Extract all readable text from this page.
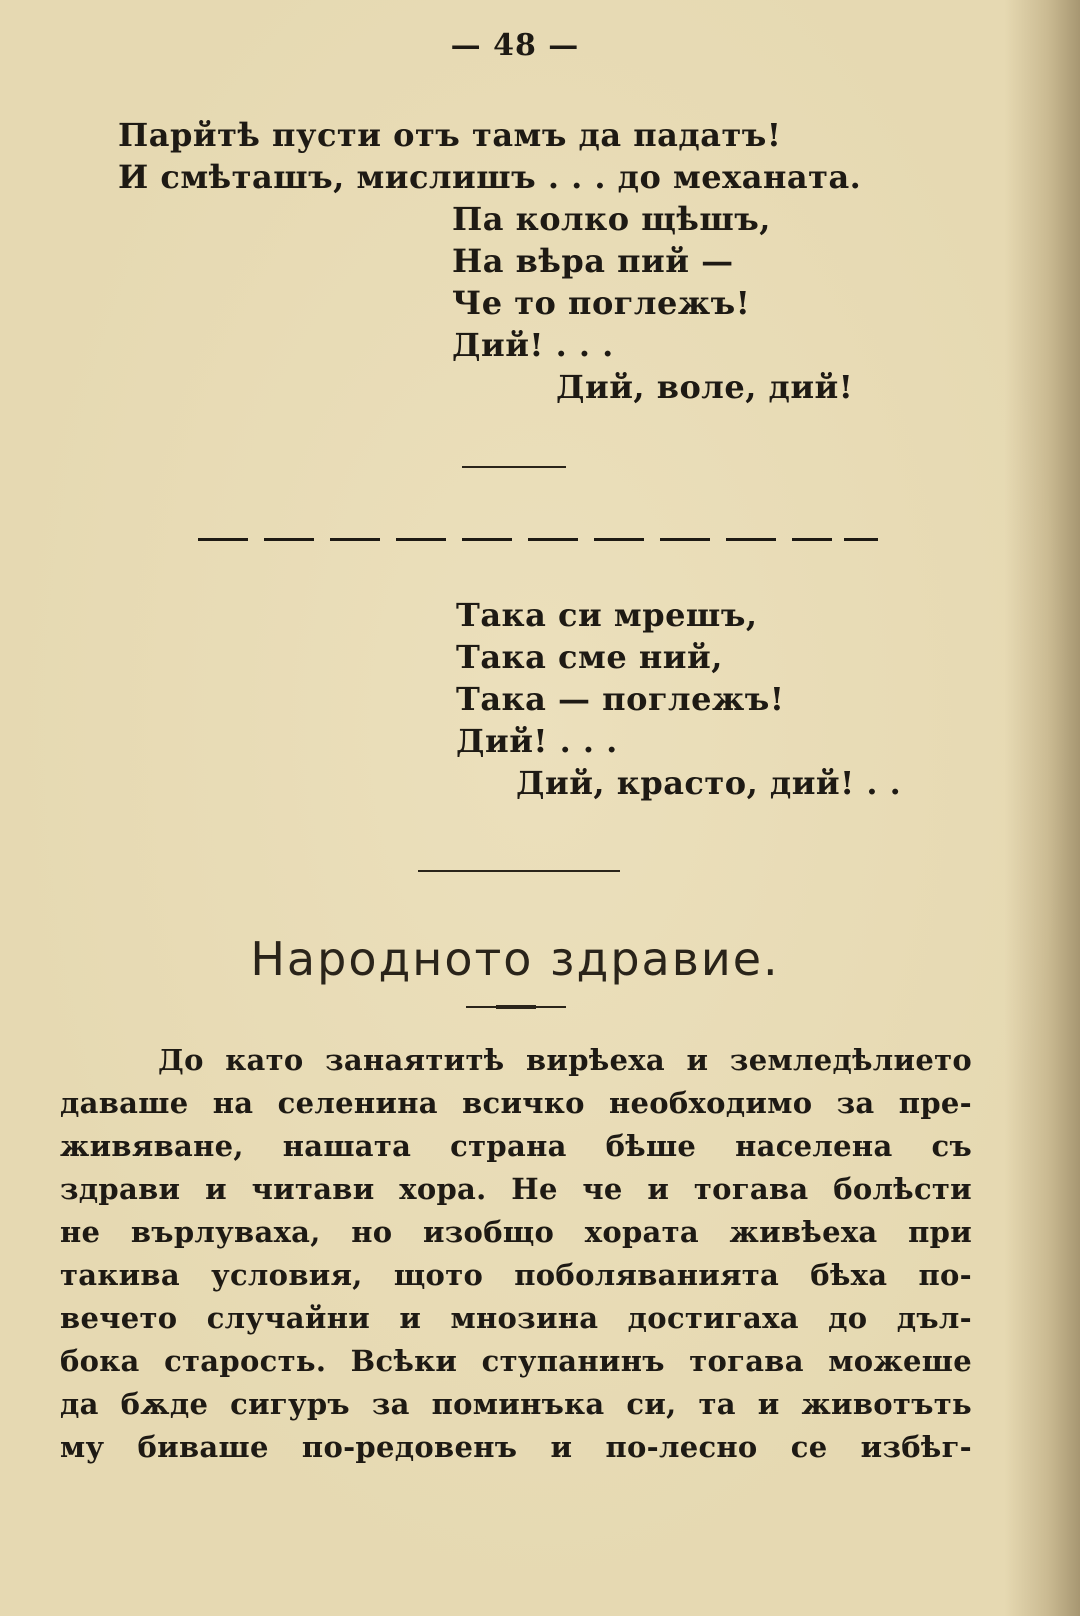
— 48 —
Парйтѣ пусти отъ тамъ да падатъ!
И смѣташъ, мислишъ . . . до механата.
Па колко щѣшъ,
На вѣра пий —
Че то поглежъ!
Дий! . . .
Дий, воле, дий!
Така си мрешъ,
Така сме ний,
Така — поглежъ!
Дий! . . .
Дий, красто, дий! . .
Народното здравие.
До като занаятитѣ вирѣеха и земледѣлието
даваше на селенина всичко необходимо за пре-
живяване, нашата страна бѣше населена съ
здрави и читави хора. Не че и тогава болѣсти
не върлуваха, но изобщо хората живѣеха при
такива условия, щото поболяванията бѣха по-
вечето случайни и мнозина достигаха до дъл-
бока старость. Всѣки ступанинъ тогава можеше
да бѫде сигуръ за поминъка си, та и животъть
му биваше по-редовенъ и по-лесно се избѣг-
